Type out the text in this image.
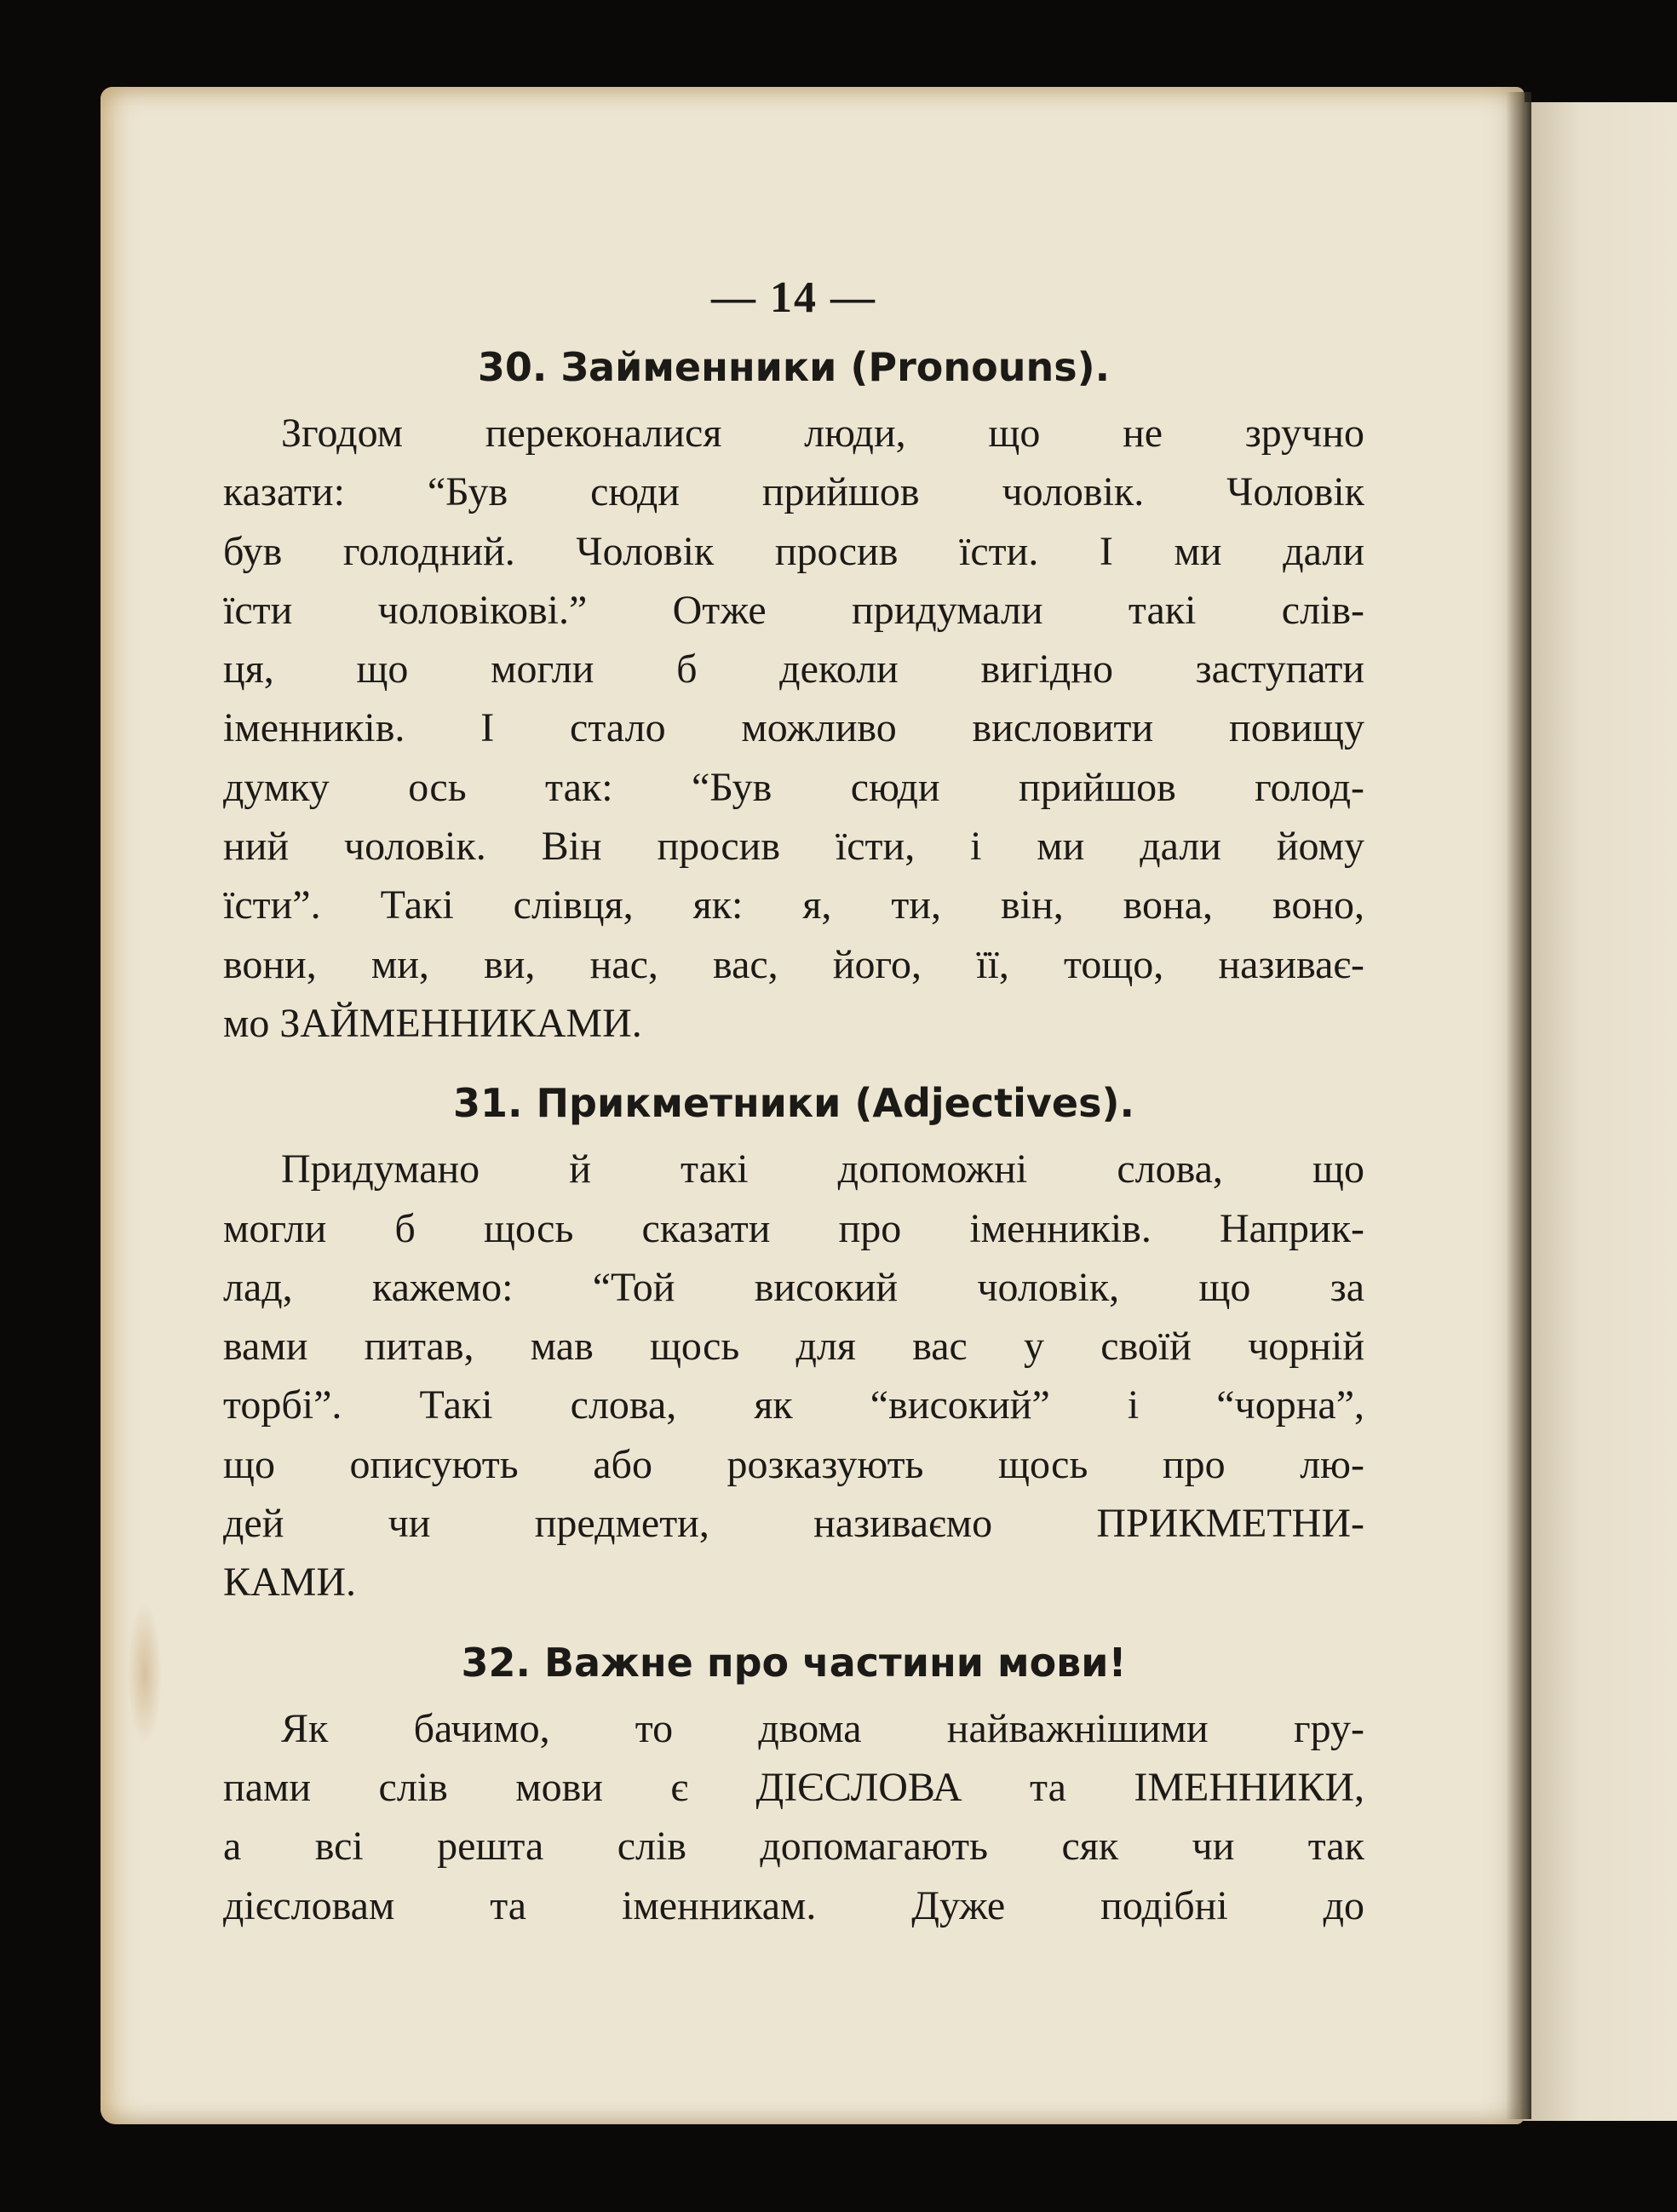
— 14 —
30. Займенники (Pronouns).
Згодом переконалися люди, що не зручно
казати: “Був сюди прийшов чоловік. Чоловік
був голодний. Чоловік просив їсти. І ми дали
їсти чоловікові.” Отже придумали такі слів-
ця, що могли б деколи вигідно заступати
іменників. І стало можливо висловити повищу
думку ось так: “Був сюди прийшов голод-
ний чоловік. Він просив їсти, і ми дали йому
їсти”. Такі слівця, як: я, ти, він, вона, воно,
вони, ми, ви, нас, вас, його, її, тощо, називає-
мо ЗАЙМЕННИКАМИ.
31. Прикметники (Adjectives).
Придумано й такі допоможні слова, що
могли б щось сказати про іменників. Наприк-
лад, кажемо: “Той високий чоловік, що за
вами питав, мав щось для вас у своїй чорній
торбі”. Такі слова, як “високий” і “чорна”,
що описують або розказують щось про лю-
дей чи предмети, називаємо ПРИКМЕТНИ-
КАМИ.
32. Важне про частини мови!
Як бачимо, то двома найважнішими гру-
пами слів мови є ДІЄСЛОВА та ІМЕННИКИ,
а всі решта слів допомагають сяк чи так
дієсловам та іменникам. Дуже подібні до
